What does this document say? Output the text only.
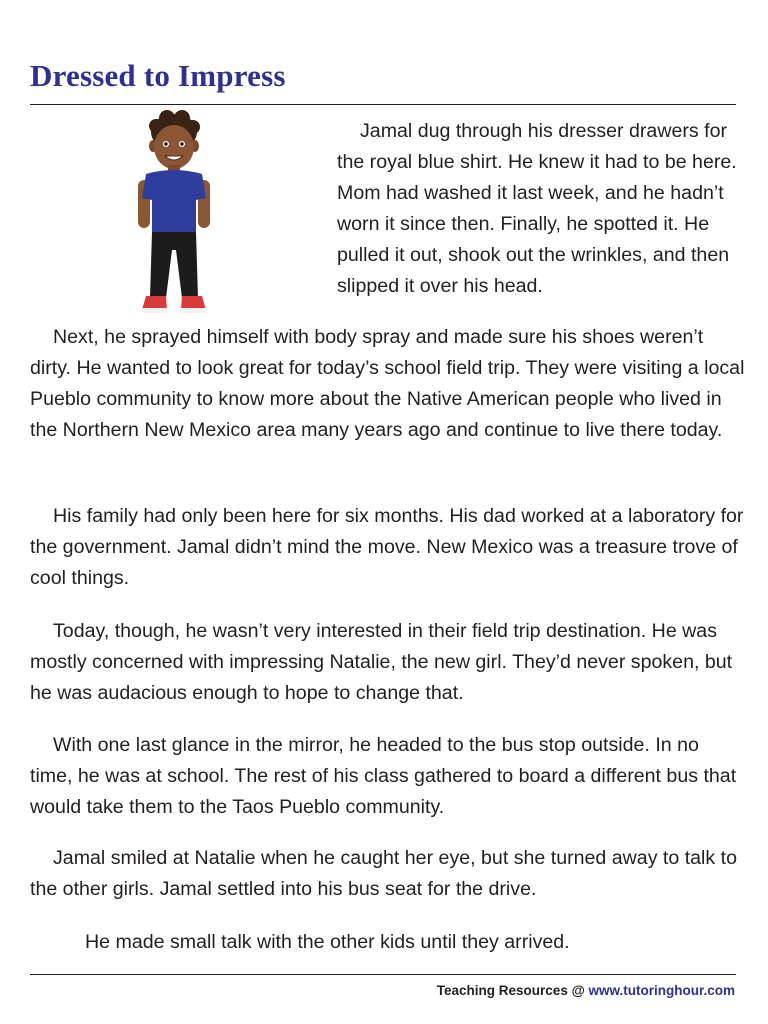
Dressed to Impress

Jamal dug through his dresser drawers for the royal blue shirt. He knew it had to be here. Mom had washed it last week, and he hadn’t worn it since then. Finally, he spotted it. He pulled it out, shook out the wrinkles, and then slipped it over his head.

Next, he sprayed himself with body spray and made sure his shoes weren’t dirty. He wanted to look great for today’s school field trip. They were visiting a local Pueblo community to know more about the Native American people who lived in the Northern New Mexico area many years ago and continue to live there today.

His family had only been here for six months. His dad worked at a laboratory for the government. Jamal didn’t mind the move. New Mexico was a treasure trove of cool things.

Today, though, he wasn’t very interested in their field trip destination. He was mostly concerned with impressing Natalie, the new girl. They’d never spoken, but he was audacious enough to hope to change that.

With one last glance in the mirror, he headed to the bus stop outside. In no time, he was at school. The rest of his class gathered to board a different bus that would take them to the Taos Pueblo community.

Jamal smiled at Natalie when he caught her eye, but she turned away to talk to the other girls. Jamal settled into his bus seat for the drive.

He made small talk with the other kids until they arrived.

Teaching Resources @ www.tutoringhour.com
